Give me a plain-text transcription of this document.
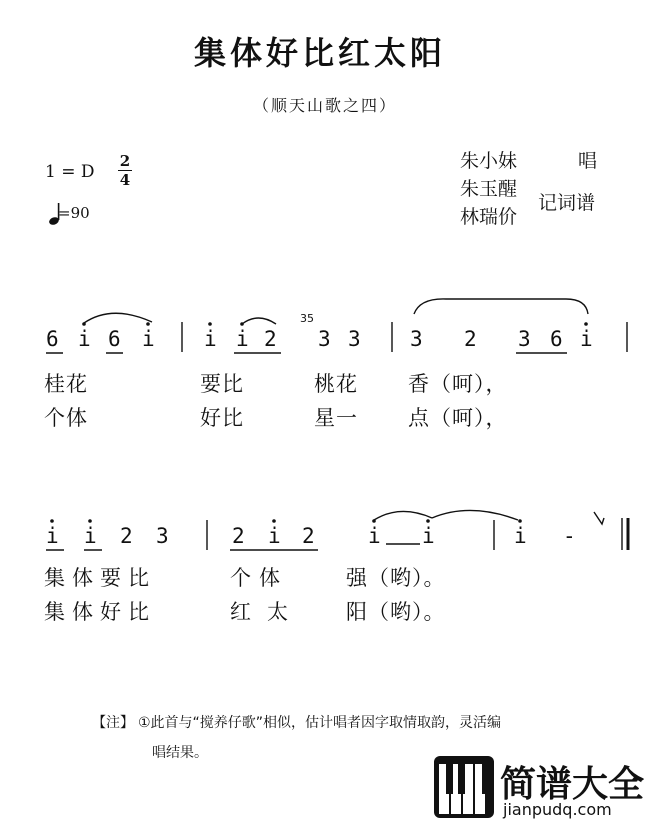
集体好比红太阳
（顺天山歌之四）
1 = D
2
4
=90
朱小妹	唱
朱玉醒
林瑞价
记词谱
35
6 i 6 i i i 2 3 3 3 2 3 6 i
桂花	要比	桃花 香（呵），
个体	好比	星一 点（呵），
i i 2 3	2 i 2	i i	i -
集体要比	个体	强（哟）。
集体好比	红太 阳（哟）。
【注】 ①此首与“搅养仔歌”相似，估计唱者因字取情取韵，灵活编
唱结果。
简谱大全
jianpudq.com
